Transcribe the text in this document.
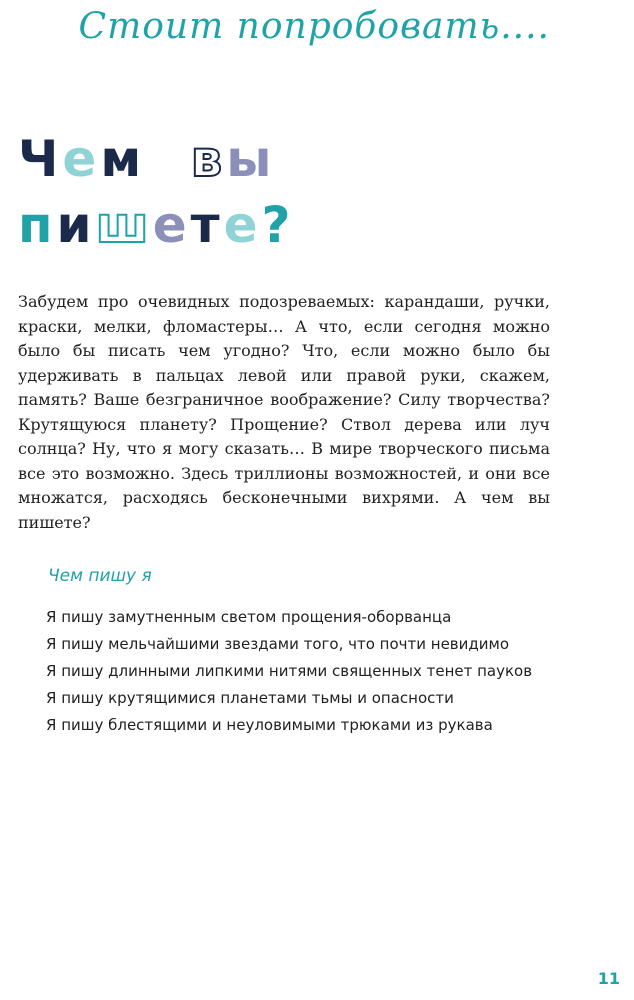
Стоит попробовать....
Чем вы
пишете?
Забудем про очевидных подозреваемых: карандаши, ручки, краски, мелки, фломастеры… А что, если сегодня можно было бы писать чем угодно? Что, если можно было бы удерживать в пальцах левой или правой руки, скажем, память? Ваше безграничное воображение? Силу творчества? Крутящуюся планету? Прощение? Ствол дерева или луч солнца? Ну, что я могу сказать… В мире творческого письма все это возможно. Здесь триллионы возможностей, и они все множатся, расходясь бесконечными вихрями. А чем вы пишете?
Чем пишу я
Я пишу замутненным светом прощения-оборванца
Я пишу мельчайшими звездами того, что почти невидимо
Я пишу длинными липкими нитями священных тенет пауков
Я пишу крутящимися планетами тьмы и опасности
Я пишу блестящими и неуловимыми трюками из рукава
11
